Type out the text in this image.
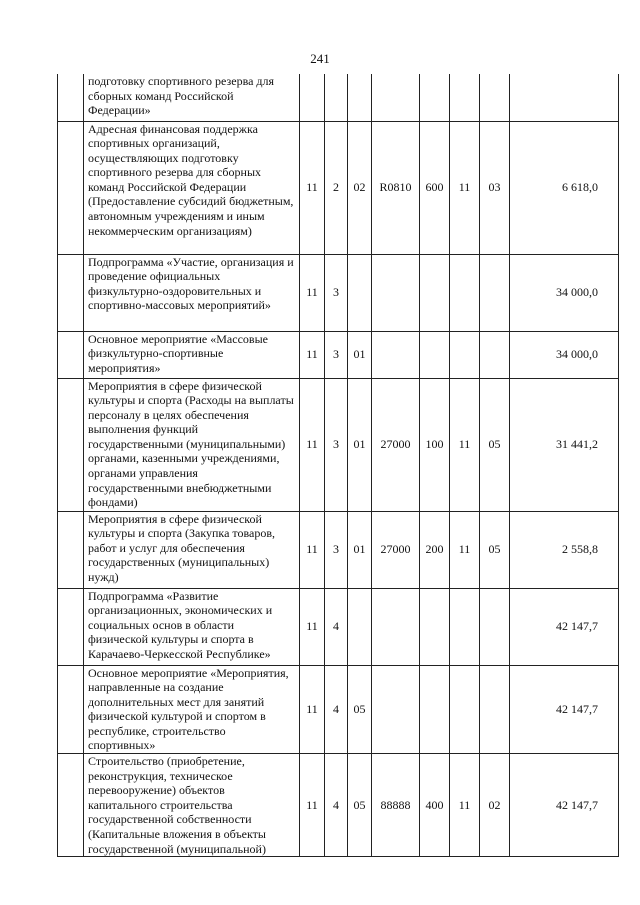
241
	подготовку спортивного резерва для сборных команд Российской Федерации»								
	Адресная финансовая поддержка спортивных организаций, осуществляющих подготовку спортивного резерва для сборных команд Российской Федерации (Предоставление субсидий бюджетным, автономным учреждениям и иным некоммерческим организациям)	11	2	02	R0810	600	11	03	6 618,0
	Подпрограмма «Участие, организация и проведение официальных физкультурно-оздоровительных и спортивно-массовых мероприятий»	11	3						34 000,0
	Основное мероприятие «Массовые физкультурно-спортивные мероприятия»	11	3	01					34 000,0
	Мероприятия в сфере физической культуры и спорта (Расходы на выплаты персоналу в целях обеспечения выполнения функций государственными (муниципальными) органами, казенными учреждениями, органами управления государственными внебюджетными фондами)	11	3	01	27000	100	11	05	31 441,2
	Мероприятия в сфере физической культуры и спорта (Закупка товаров, работ и услуг для обеспечения государственных (муниципальных) нужд)	11	3	01	27000	200	11	05	2 558,8
	Подпрограмма «Развитие организационных, экономических и социальных основ в области физической культуры и спорта в Карачаево-Черкесской Республике»	11	4						42 147,7
	Основное мероприятие «Мероприятия, направленные на создание дополнительных мест для занятий физической культурой и спортом в республике, строительство спортивных»	11	4	05					42 147,7
	Строительство (приобретение, реконструкция, техническое перевооружение) объектов капитального строительства государственной собственности (Капитальные вложения в объекты государственной (муниципальной)	11	4	05	88888	400	11	02	42 147,7
